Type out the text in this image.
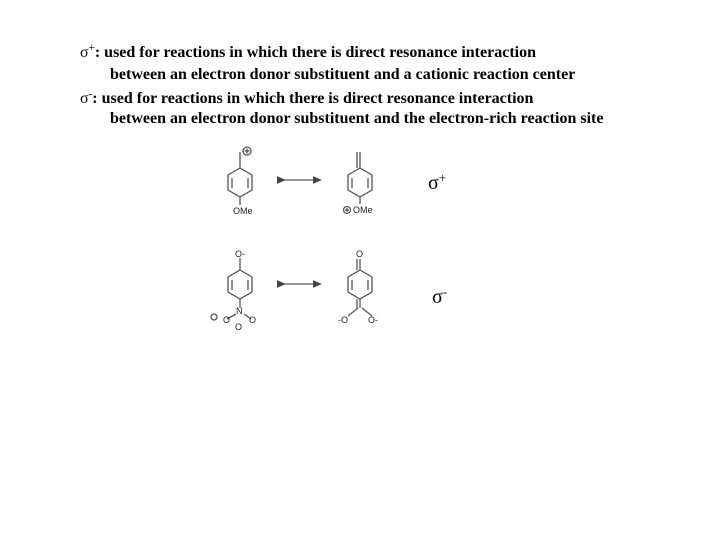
σ+: used for reactions in which there is direct resonance interaction
between an electron donor substituent and a cationic reaction center
σ-: used for reactions in which there is direct resonance interaction
between an electron donor substituent and the electron-rich reaction site
OMe	OMe
O-
N
O O
O
O
-O O-
σ+
σ-
